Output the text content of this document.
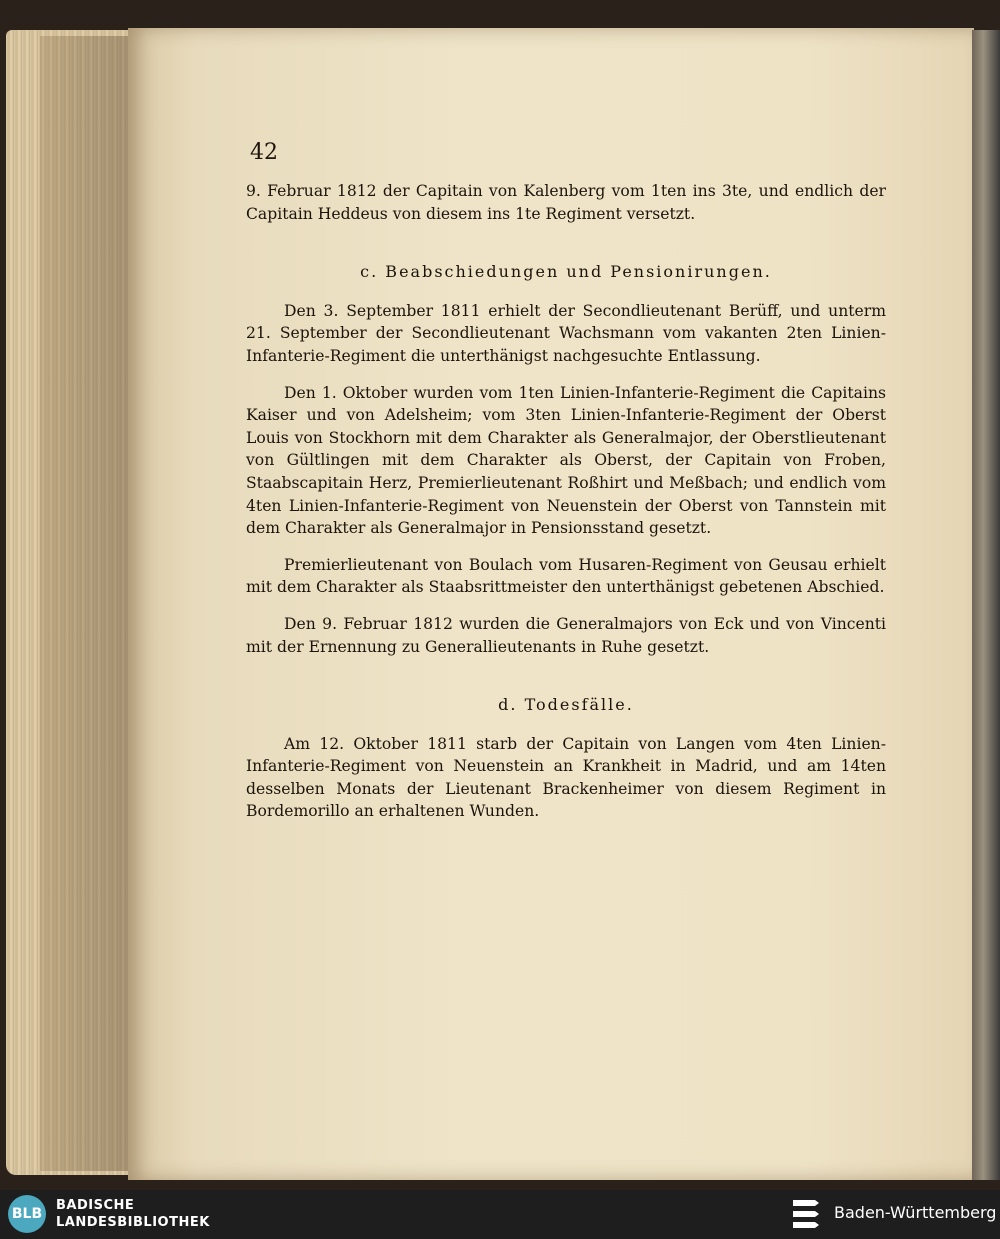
42

9. Februar 1812 der Capitain von Kalenberg vom 1ten ins 3te, und endlich der Capitain Heddeus von diesem ins 1te Regiment versetzt.

c. Beabschiedungen und Pensionirungen.

Den 3. September 1811 erhielt der Secondlieutenant Berüff, und unterm 21. September der Secondlieutenant Wachsmann vom vakanten 2ten Linien-Infanterie-Regiment die unterthänigst nachgesuchte Entlassung.

Den 1. Oktober wurden vom 1ten Linien-Infanterie-Regiment die Capitains Kaiser und von Adelsheim; vom 3ten Linien-Infanterie-Regiment der Oberst Louis von Stockhorn mit dem Charakter als Generalmajor, der Oberstlieutenant von Gültlingen mit dem Charakter als Oberst, der Capitain von Froben, Staabscapitain Herz, Premierlieutenant Roßhirt und Meßbach; und endlich vom 4ten Linien-Infanterie-Regiment von Neuenstein der Oberst von Tannstein mit dem Charakter als Generalmajor in Pensionsstand gesetzt.

Premierlieutenant von Boulach vom Husaren-Regiment von Geusau erhielt mit dem Charakter als Staabsrittmeister den unterthänigst gebetenen Abschied.

Den 9. Februar 1812 wurden die Generalmajors von Eck und von Vincenti mit der Ernennung zu Generallieutenants in Ruhe gesetzt.

d. Todesfälle.

Am 12. Oktober 1811 starb der Capitain von Langen vom 4ten Linien-Infanterie-Regiment von Neuenstein an Krankheit in Madrid, und am 14ten desselben Monats der Lieutenant Brackenheimer von diesem Regiment in Bordemorillo an erhaltenen Wunden.

BLB
BADISCHE
LANDESBIBLIOTHEK
Baden-Württemberg
